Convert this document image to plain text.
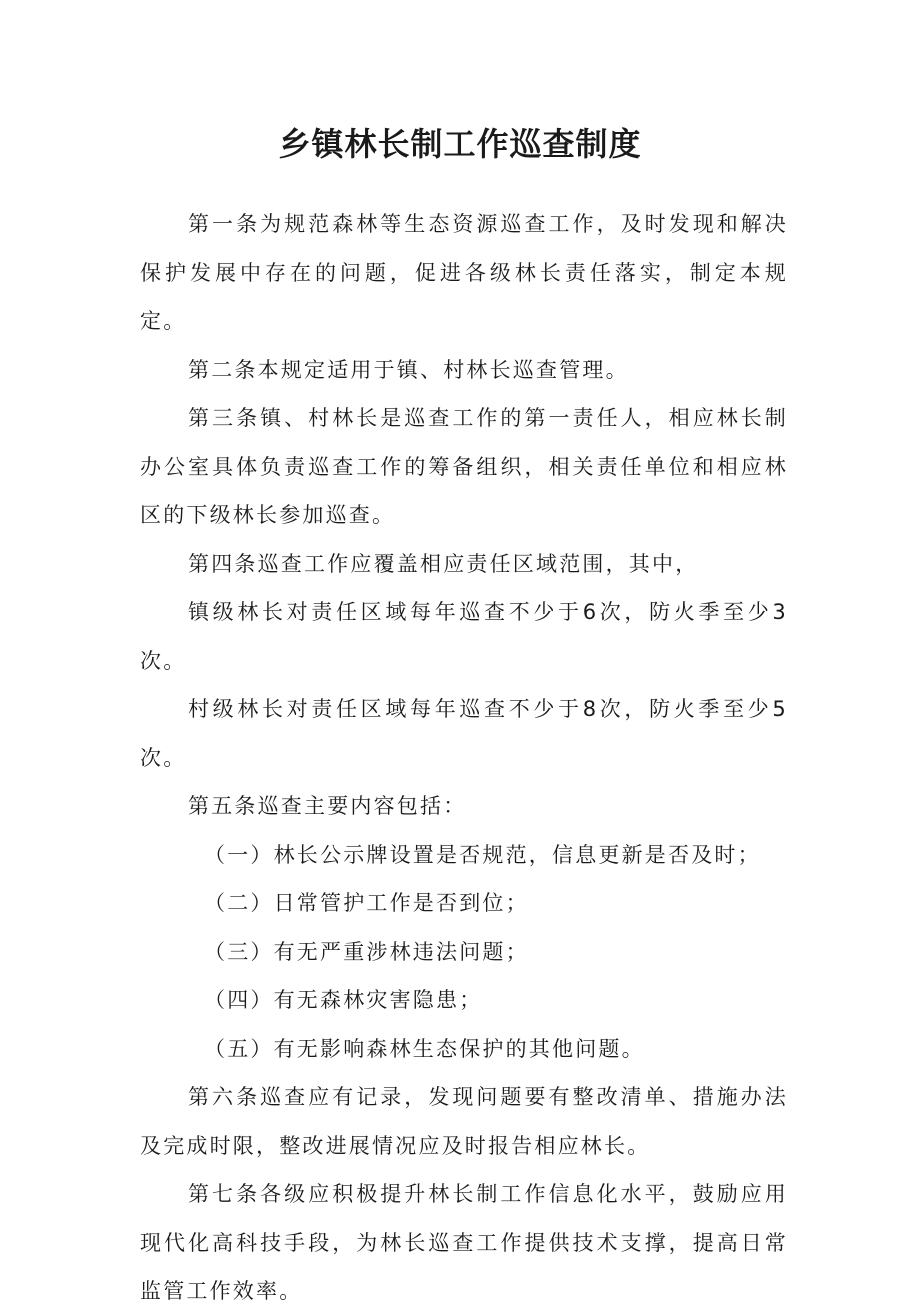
乡镇林长制工作巡查制度

第一条为规范森林等生态资源巡查工作，及时发现和解决保护发展中存在的问题，促进各级林长责任落实，制定本规定。

第二条本规定适用于镇、村林长巡查管理。

第三条镇、村林长是巡查工作的第一责任人，相应林长制办公室具体负责巡查工作的筹备组织，相关责任单位和相应林区的下级林长参加巡查。

第四条巡查工作应覆盖相应责任区域范围，其中，

镇级林长对责任区域每年巡查不少于6次，防火季至少3次。

村级林长对责任区域每年巡查不少于8次，防火季至少5次。

第五条巡查主要内容包括：

（一）林长公示牌设置是否规范，信息更新是否及时；

（二）日常管护工作是否到位；

（三）有无严重涉林违法问题；

（四）有无森林灾害隐患；

（五）有无影响森林生态保护的其他问题。

第六条巡查应有记录，发现问题要有整改清单、措施办法及完成时限，整改进展情况应及时报告相应林长。

第七条各级应积极提升林长制工作信息化水平，鼓励应用现代化高科技手段，为林长巡查工作提供技术支撑，提高日常监管工作效率。
